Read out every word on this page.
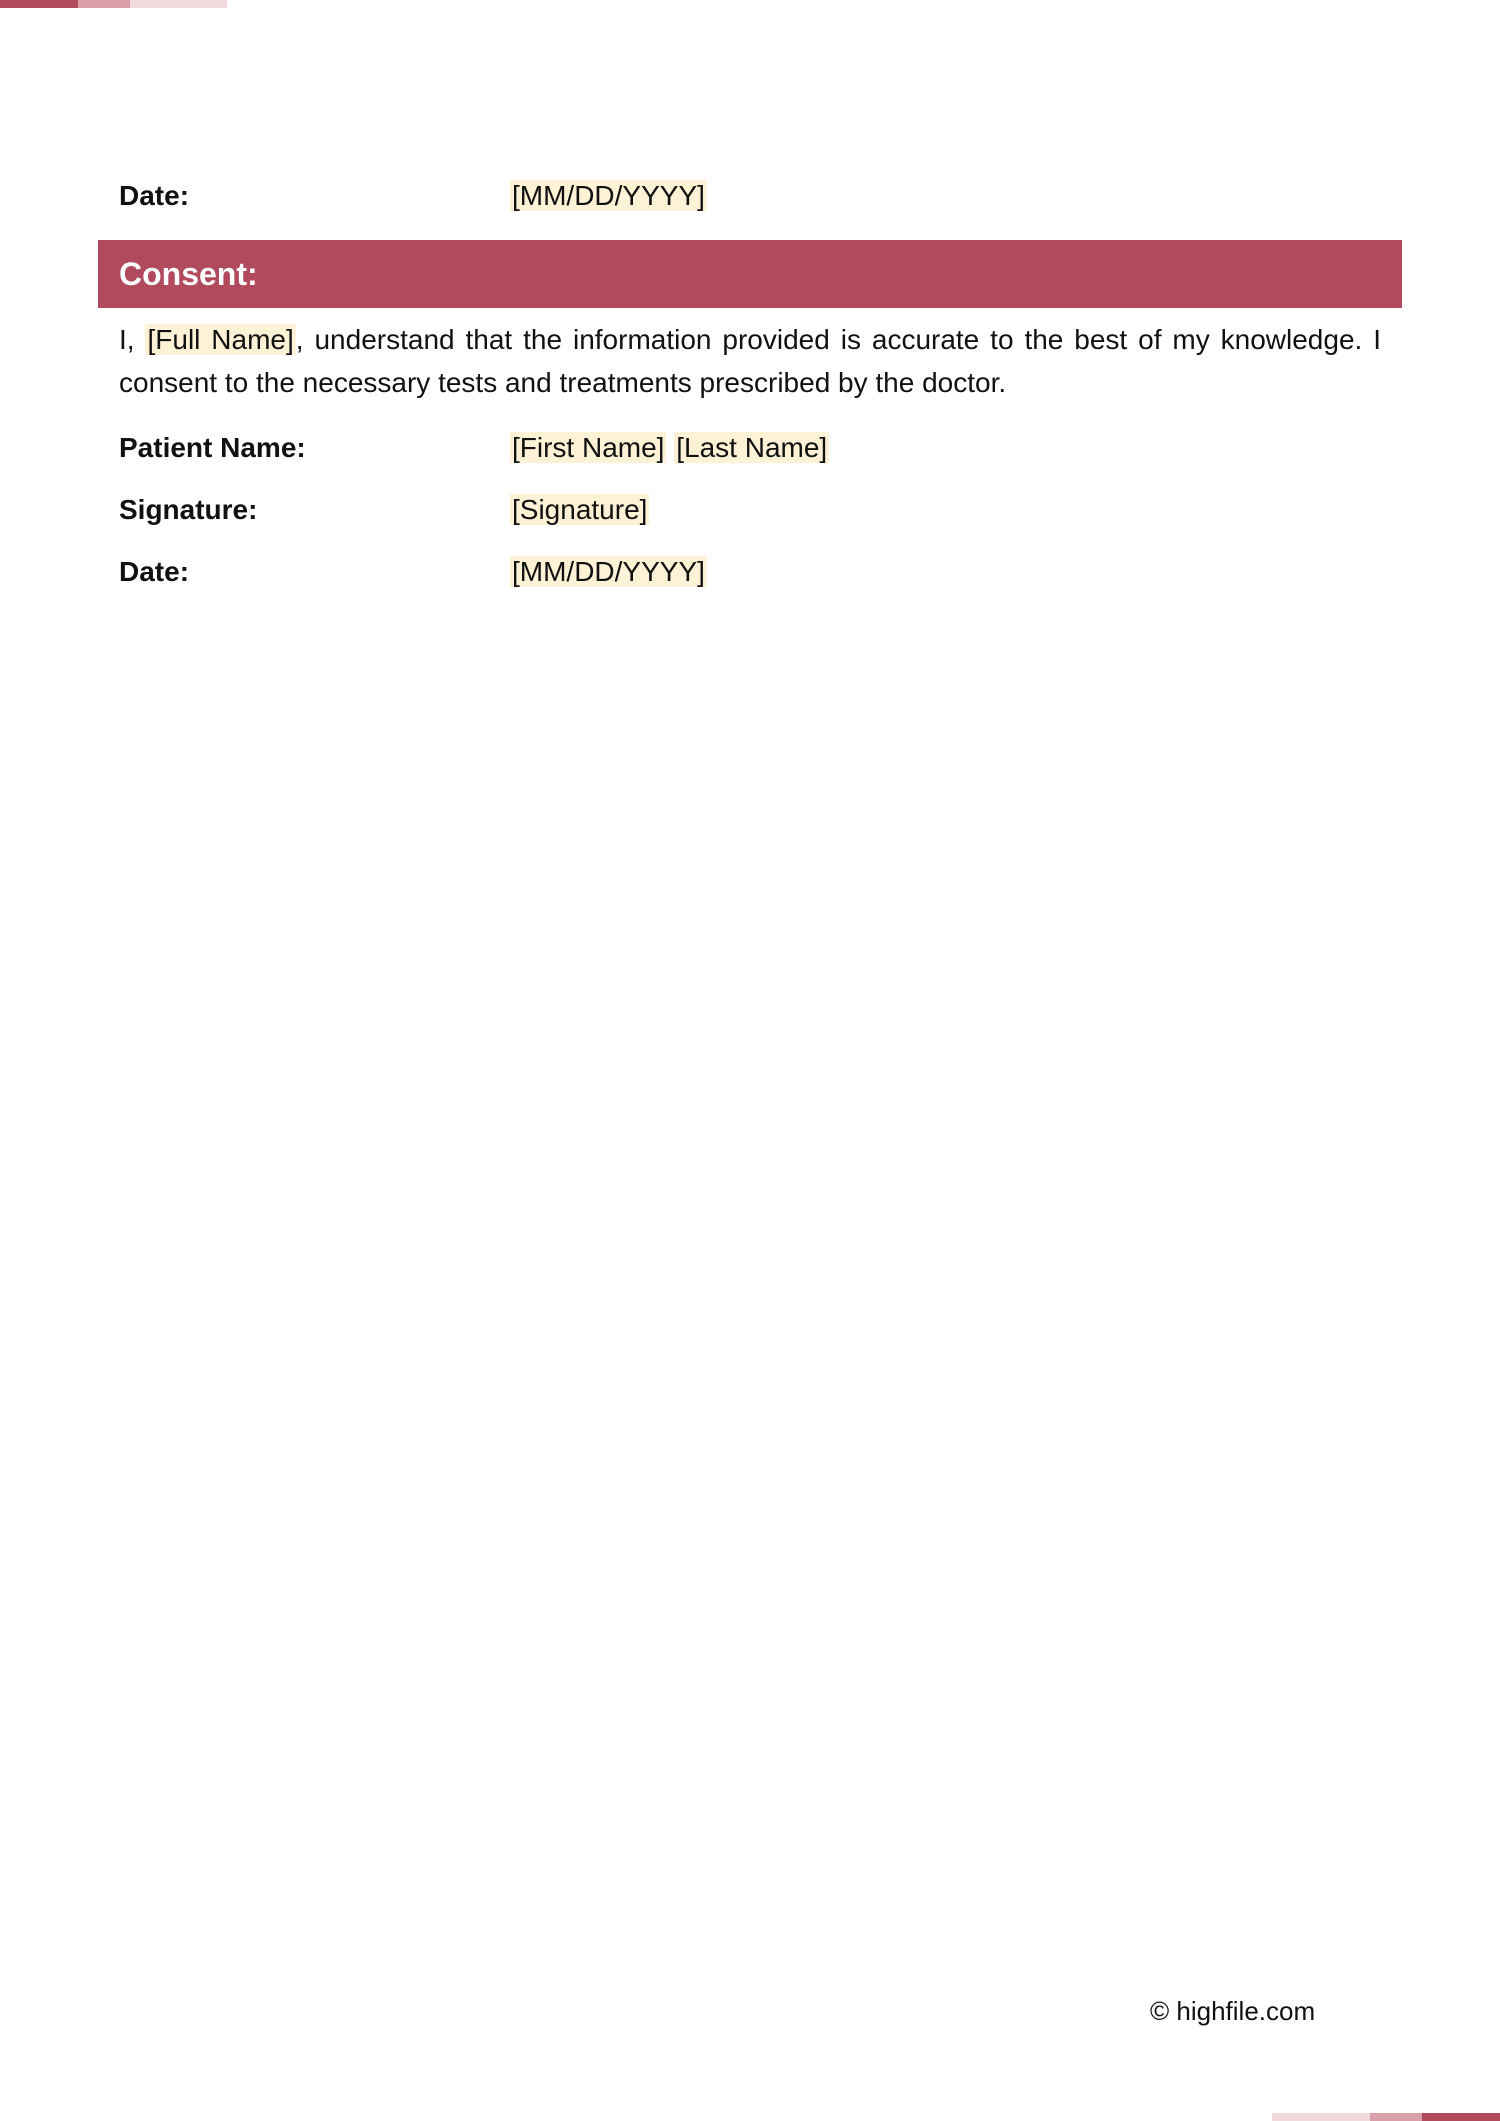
Date:	[MM/DD/YYYY]
Consent:
I, [Full Name], understand that the information provided is accurate to the best of my knowledge. I consent to the necessary tests and treatments prescribed by the doctor.
Patient Name:	[First Name] [Last Name]
Signature:	[Signature]
Date:	[MM/DD/YYYY]
© highfile.com
